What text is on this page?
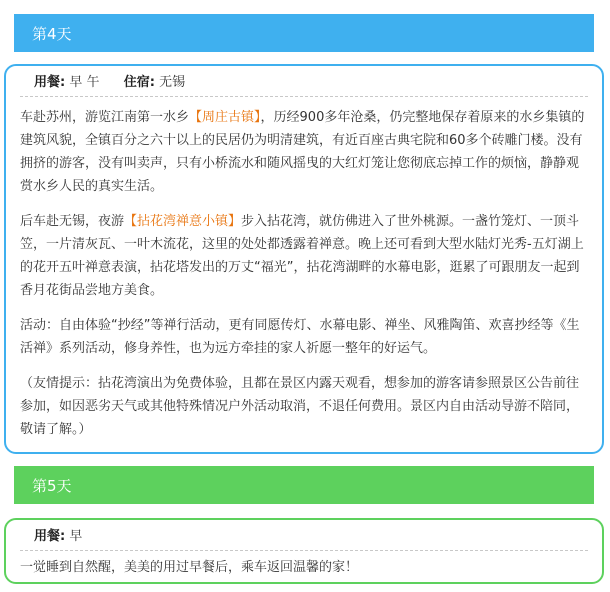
第4天
用餐: 早 午 住宿: 无锡

车赴苏州，游览江南第一水乡【周庄古镇】，历经900多年沧桑，仍完整地保存着原来的水乡集镇的建筑风貌，全镇百分之六十以上的民居仍为明清建筑，有近百座古典宅院和60多个砖雕门楼。没有拥挤的游客，没有叫卖声，只有小桥流水和随风摇曳的大红灯笼让您彻底忘掉工作的烦恼，静静观赏水乡人民的真实生活。

后车赴无锡，夜游【拈花湾禅意小镇】步入拈花湾，就仿佛进入了世外桃源。一盏竹笼灯、一顶斗笠，一片清灰瓦、一叶木流花，这里的处处都透露着禅意。晚上还可看到大型水陆灯光秀-五灯湖上的花开五叶禅意表演，拈花塔发出的万丈“福光”，拈花湾湖畔的水幕电影，逛累了可跟朋友一起到香月花街品尝地方美食。

活动：自由体验“抄经”等禅行活动，更有同愿传灯、水幕电影、禅坐、风雅陶笛、欢喜抄经等《生活禅》系列活动，修身养性，也为远方牵挂的家人祈愿一整年的好运气。

（友情提示：拈花湾演出为免费体验，且都在景区内露天观看，想参加的游客请参照景区公告前往参加，如因恶劣天气或其他特殊情况户外活动取消，不退任何费用。景区内自由活动导游不陪同，敬请了解。）

第5天
用餐: 早

一觉睡到自然醒，美美的用过早餐后，乘车返回温馨的家！
